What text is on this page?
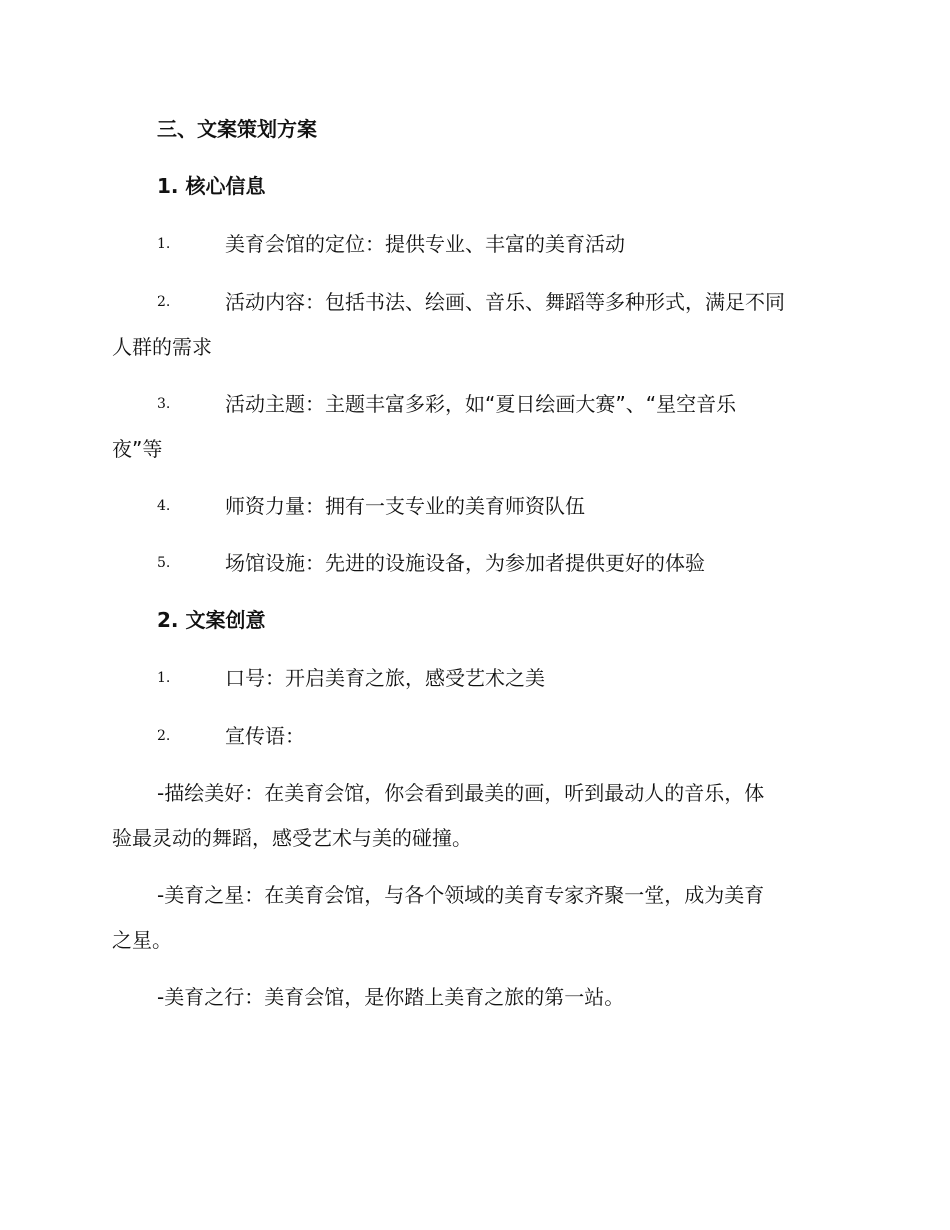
三、文案策划方案
1. 核心信息
1.	美育会馆的定位：提供专业、丰富的美育活动
2.	活动内容：包括书法、绘画、音乐、舞蹈等多种形式，满足不同
人群的需求
3.	活动主题：主题丰富多彩，如“夏日绘画大赛”、“星空音乐
夜”等
4.	师资力量：拥有一支专业的美育师资队伍
5.	场馆设施：先进的设施设备，为参加者提供更好的体验
2. 文案创意
1.	口号：开启美育之旅，感受艺术之美
2.	宣传语：
-描绘美好：在美育会馆，你会看到最美的画，听到最动人的音乐，体
验最灵动的舞蹈，感受艺术与美的碰撞。
-美育之星：在美育会馆，与各个领域的美育专家齐聚一堂，成为美育
之星。
-美育之行：美育会馆，是你踏上美育之旅的第一站。
